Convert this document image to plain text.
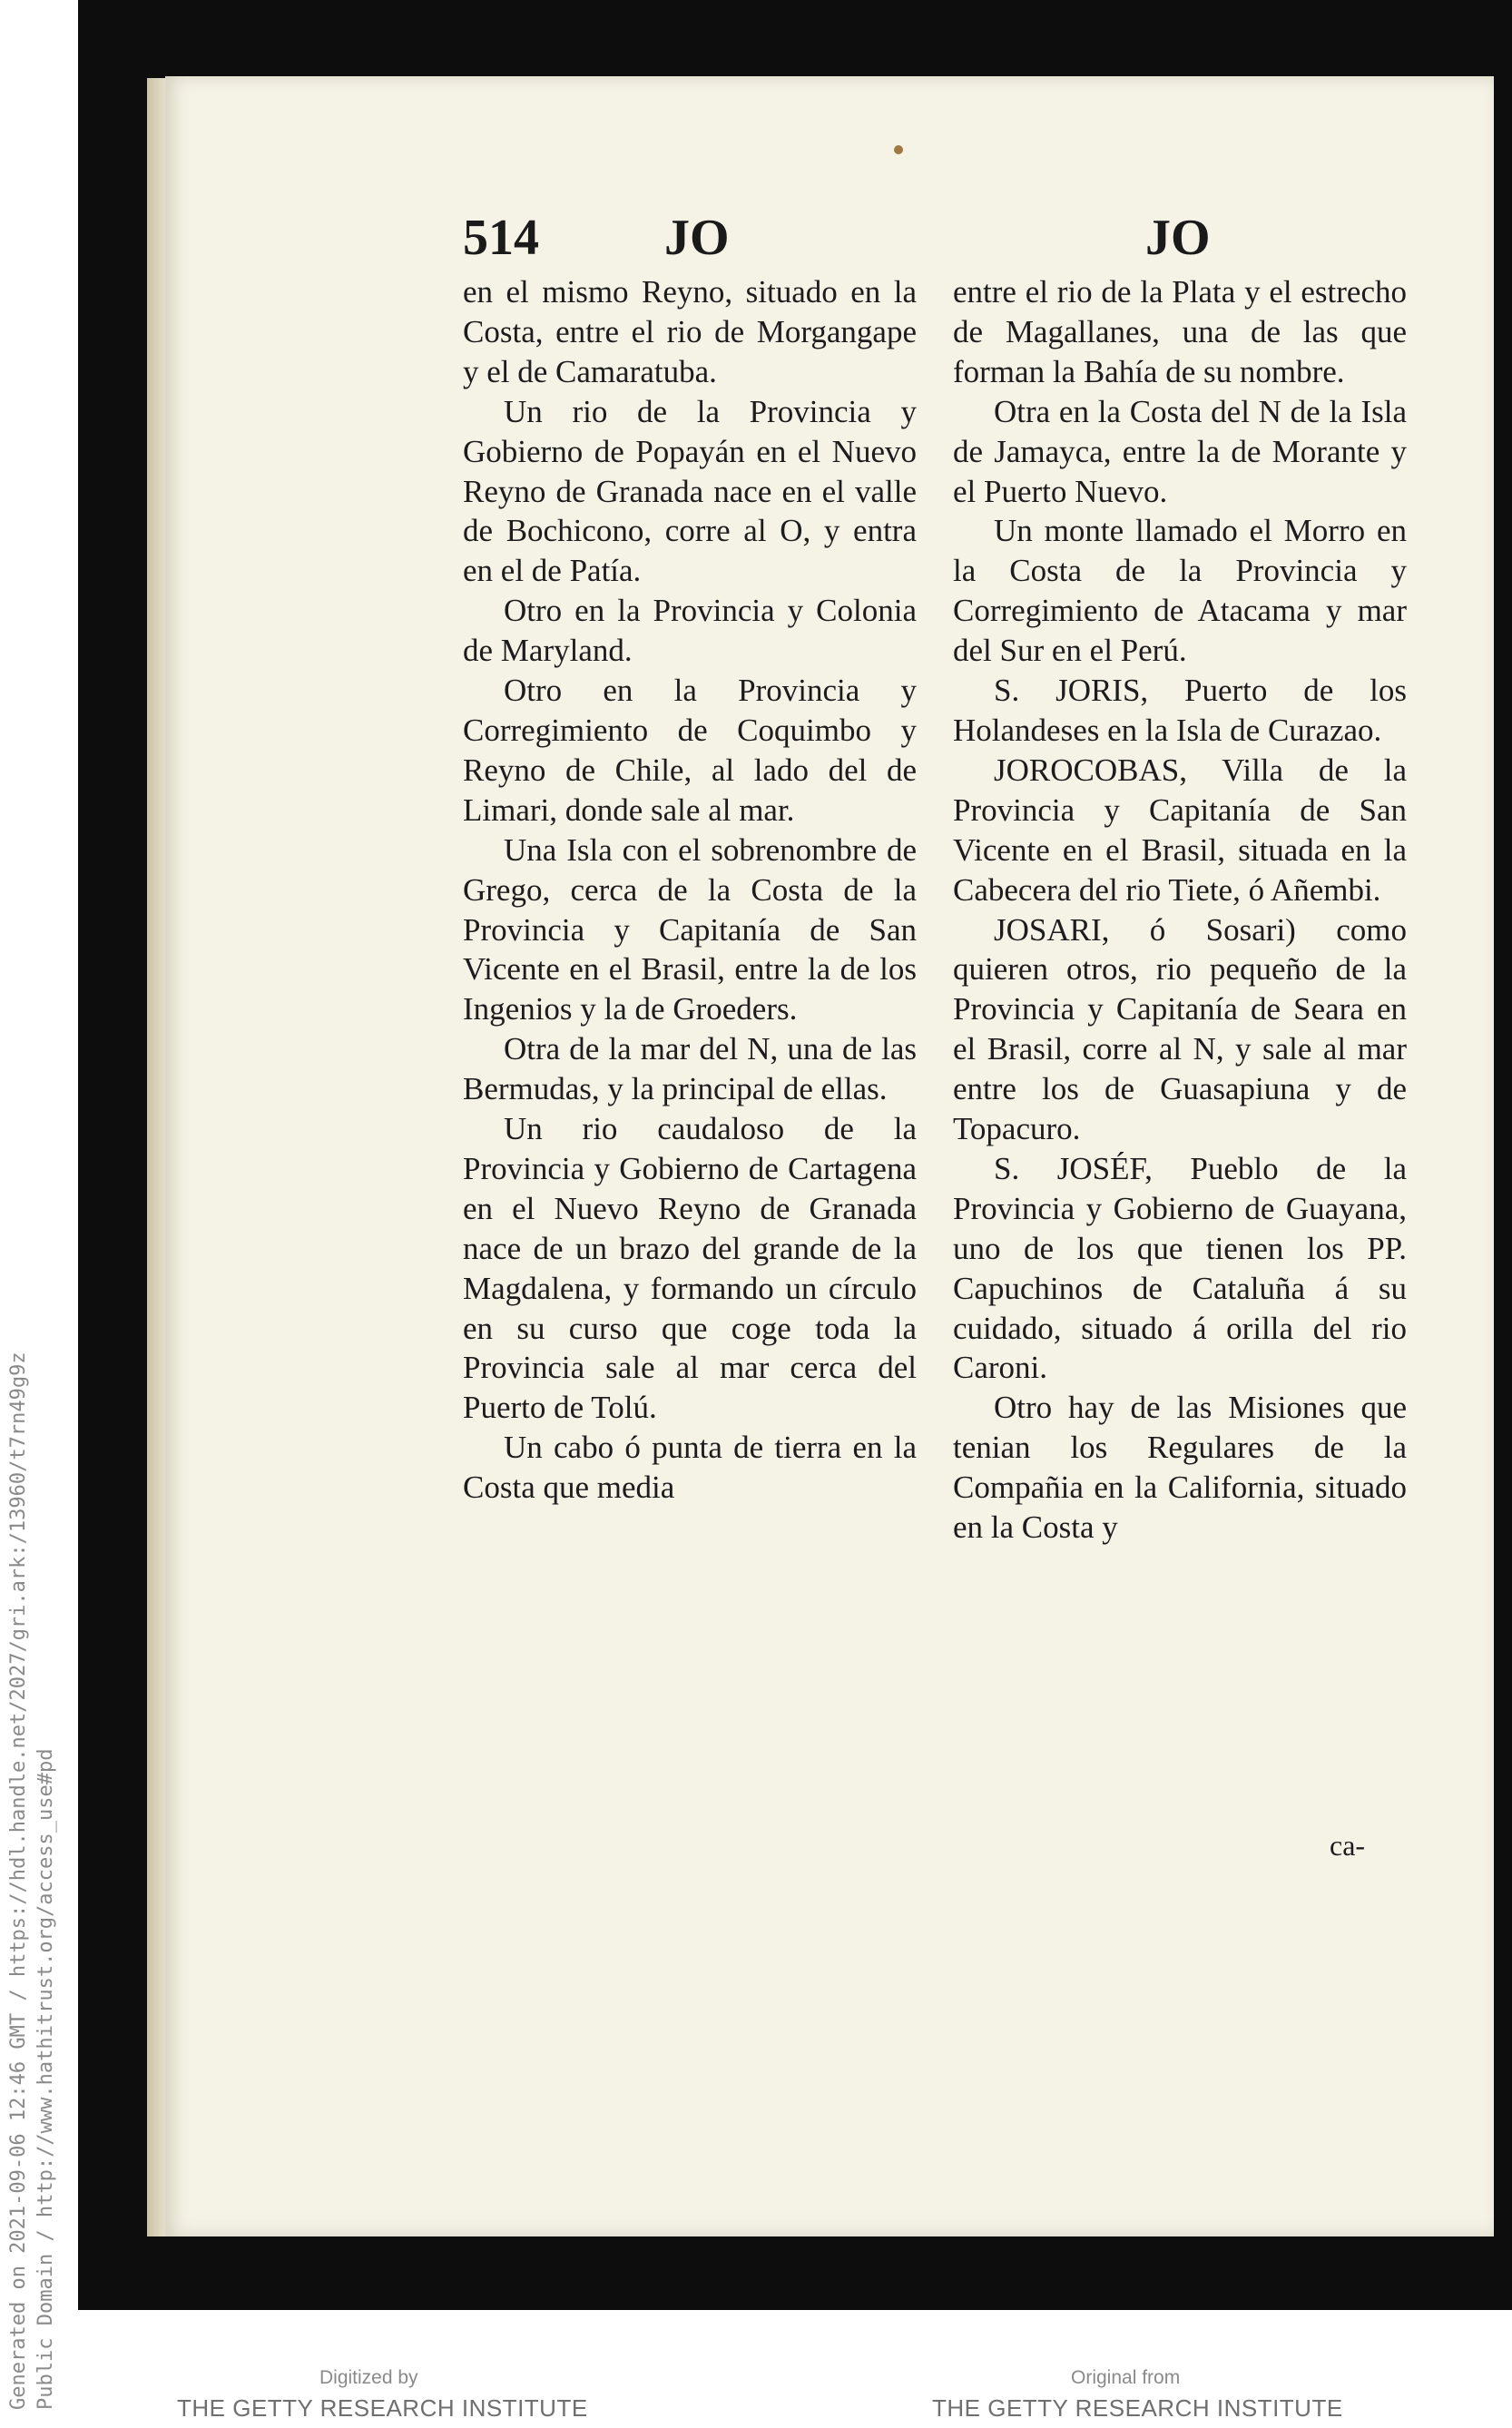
514 JO	JO

en el mismo Reyno, situado en la Costa, entre el rio de Morgangape y el de Camaratuba.

Un rio de la Provincia y Gobierno de Popayán en el Nuevo Reyno de Granada nace en el valle de Bochicono, corre al O, y entra en el de Patía.

Otro en la Provincia y Colonia de Maryland.

Otro en la Provincia y Corregimiento de Coquimbo y Reyno de Chile, al lado del de Limari, donde sale al mar.

Una Isla con el sobrenombre de Grego, cerca de la Costa de la Provincia y Capitanía de San Vicente en el Brasil, entre la de los Ingenios y la de Groeders.

Otra de la mar del N, una de las Bermudas, y la principal de ellas.

Un rio caudaloso de la Provincia y Gobierno de Cartagena en el Nuevo Reyno de Granada nace de un brazo del grande de la Magdalena, y formando un círculo en su curso que coge toda la Provincia sale al mar cerca del Puerto de Tolú.

Un cabo ó punta de tierra en la Costa que media

entre el rio de la Plata y el estrecho de Magallanes, una de las que forman la Bahía de su nombre.

Otra en la Costa del N de la Isla de Jamayca, entre la de Morante y el Puerto Nuevo.

Un monte llamado el Morro en la Costa de la Provincia y Corregimiento de Atacama y mar del Sur en el Perú.

S. JORIS, Puerto de los Holandeses en la Isla de Curazao.

JOROCOBAS, Villa de la Provincia y Capitanía de San Vicente en el Brasil, situada en la Cabecera del rio Tiete, ó Añembi.

JOSARI, ó Sosari) como quieren otros, rio pequeño de la Provincia y Capitanía de Seara en el Brasil, corre al N, y sale al mar entre los de Guasapiuna y de Topacuro.

S. JOSÉF, Pueblo de la Provincia y Gobierno de Guayana, uno de los que tienen los PP. Capuchinos de Cataluña á su cuidado, situado á orilla del rio Caroni.

Otro hay de las Misiones que tenian los Regulares de la Compañia en la California, situado en la Costa y

ca-
Generated on 2021-09-06 12:46 GMT / https://hdl.handle.net/2027/gri.ark:/13960/t7rn49g9z Public Domain / http://www.hathitrust.org/access_use#pd	Digitized by
THE GETTY RESEARCH INSTITUTE
Original from
THE GETTY RESEARCH INSTITUTE
